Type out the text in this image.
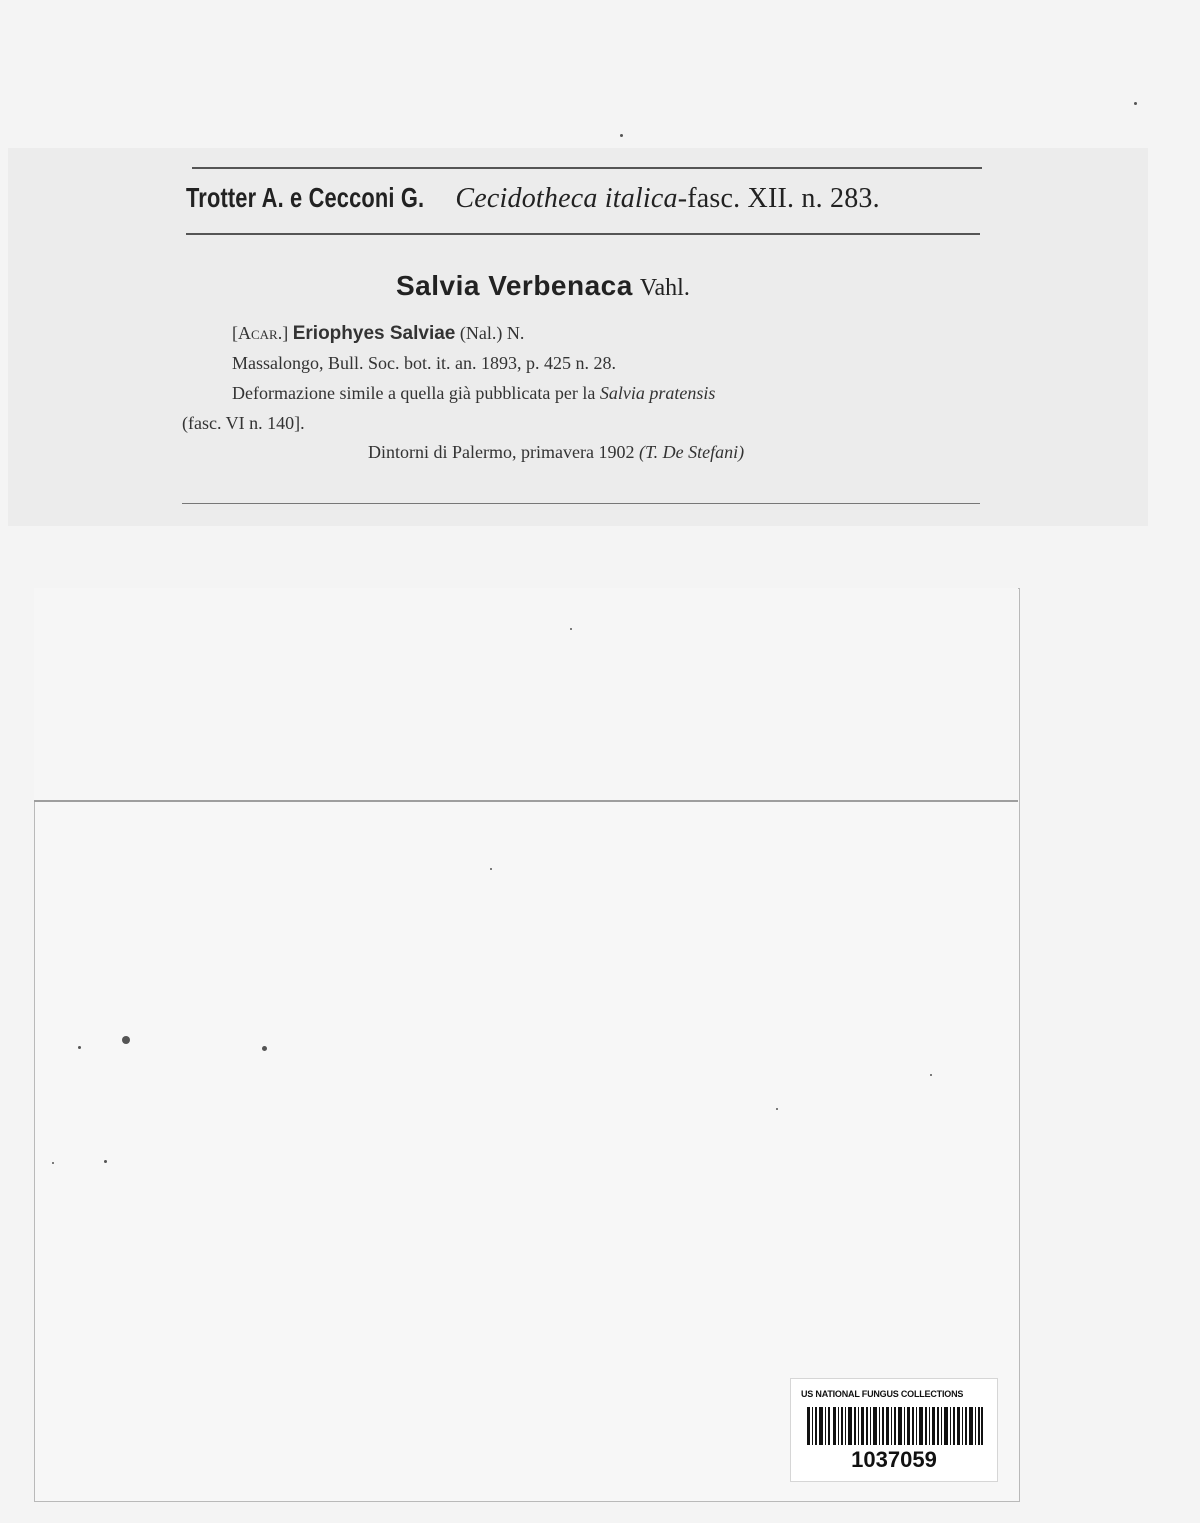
Trotter A. e Cecconi G. Cecidotheca italica-fasc. XII. n. 283.
Salvia Verbenaca Vahl.
[Acar.] Eriophyes Salviae (Nal.) N.
Massalongo, Bull. Soc. bot. it. an. 1893, p. 425 n. 28.
Deformazione simile a quella già pubblicata per la Salvia pratensis
(fasc. VI n. 140].
Dintorni di Palermo, primavera 1902 (T. De Stefani)
US NATIONAL FUNGUS COLLECTIONS
1037059
